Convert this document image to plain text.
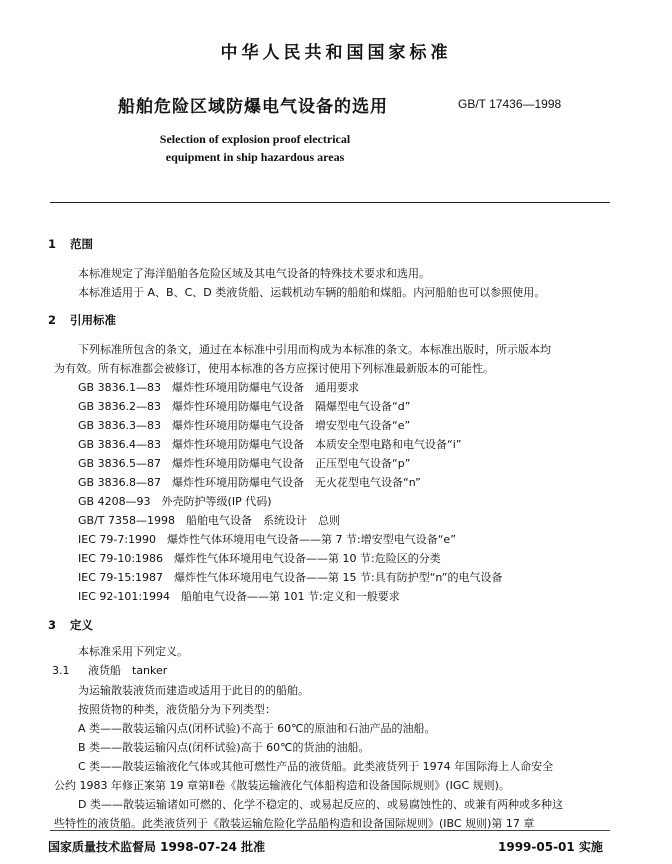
中华人民共和国国家标准
船舶危险区域防爆电气设备的选用	GB/T 17436—1998
Selection of explosion proof electrical
equipment in ship hazardous areas
1 范围
本标准规定了海洋船舶各危险区域及其电气设备的特殊技术要求和选用。
本标准适用于 A、B、C、D 类液货船、运载机动车辆的船舶和煤船。内河船舶也可以参照使用。
2 引用标准
下列标准所包含的条文，通过在本标准中引用而构成为本标准的条文。本标准出版时，所示版本均
为有效。所有标准都会被修订，使用本标准的各方应探讨使用下列标准最新版本的可能性。
GB 3836.1—83　爆炸性环境用防爆电气设备　通用要求
GB 3836.2—83　爆炸性环境用防爆电气设备　隔爆型电气设备“d”
GB 3836.3—83　爆炸性环境用防爆电气设备　增安型电气设备“e”
GB 3836.4—83　爆炸性环境用防爆电气设备　本质安全型电路和电气设备“i”
GB 3836.5—87　爆炸性环境用防爆电气设备　正压型电气设备“p”
GB 3836.8—87　爆炸性环境用防爆电气设备　无火花型电气设备“n”
GB 4208—93　外壳防护等级(IP 代码)
GB/T 7358—1998　船舶电气设备　系统设计　总则
IEC 79-7:1990　爆炸性气体环境用电气设备——第 7 节:增安型电气设备“e”
IEC 79-10:1986　爆炸性气体环境用电气设备——第 10 节:危险区的分类
IEC 79-15:1987　爆炸性气体环境用电气设备——第 15 节:具有防护型“n”的电气设备
IEC 92-101:1994　船舶电气设备——第 101 节:定义和一般要求
3 定义
本标准采用下列定义。
3.1 液货船　tanker
为运输散装液货而建造或适用于此目的的船舶。
按照货物的种类，液货船分为下列类型：
A 类——散装运输闪点(闭杯试验)不高于 60℃的原油和石油产品的油船。
B 类——散装运输闪点(闭杯试验)高于 60℃的货油的油船。
C 类——散装运输液化气体或其他可燃性产品的液货船。此类液货列于 1974 年国际海上人命安全
公约 1983 年修正案第 19 章第Ⅱ卷《散装运输液化气体船构造和设备国际规则》(IGC 规则)。
D 类——散装运输诸如可燃的、化学不稳定的、或易起反应的、或易腐蚀性的、或兼有两种或多种这
些特性的液货船。此类液货列于《散装运输危险化学品船构造和设备国际规则》(IBC 规则)第 17 章
国家质量技术监督局 1998-07-24 批准	1999-05-01 实施
